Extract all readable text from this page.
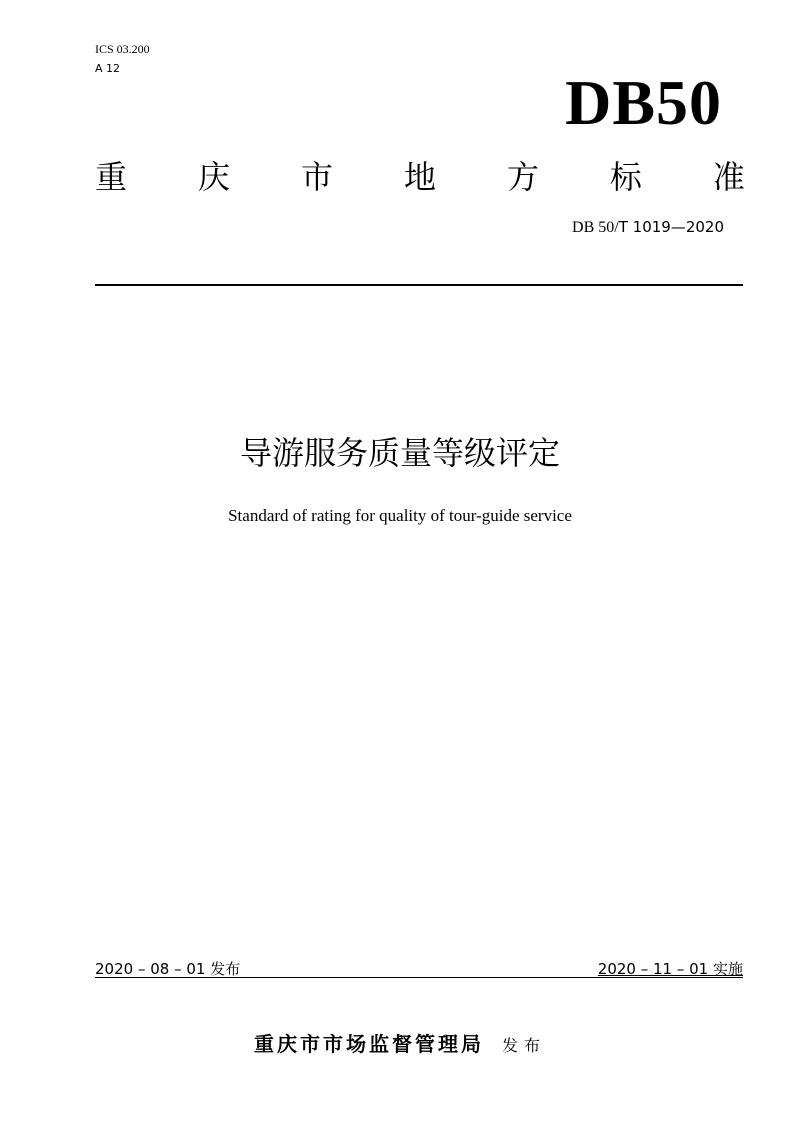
ICS 03.200
A 12	DB50
重 庆 市 地 方 标 准
DB 50/T 1019—2020
导游服务质量等级评定
Standard of rating for quality of tour-guide service
2020 – 08 – 01 发布	2020 – 11 – 01 实施
重庆市市场监督管理局 发布
